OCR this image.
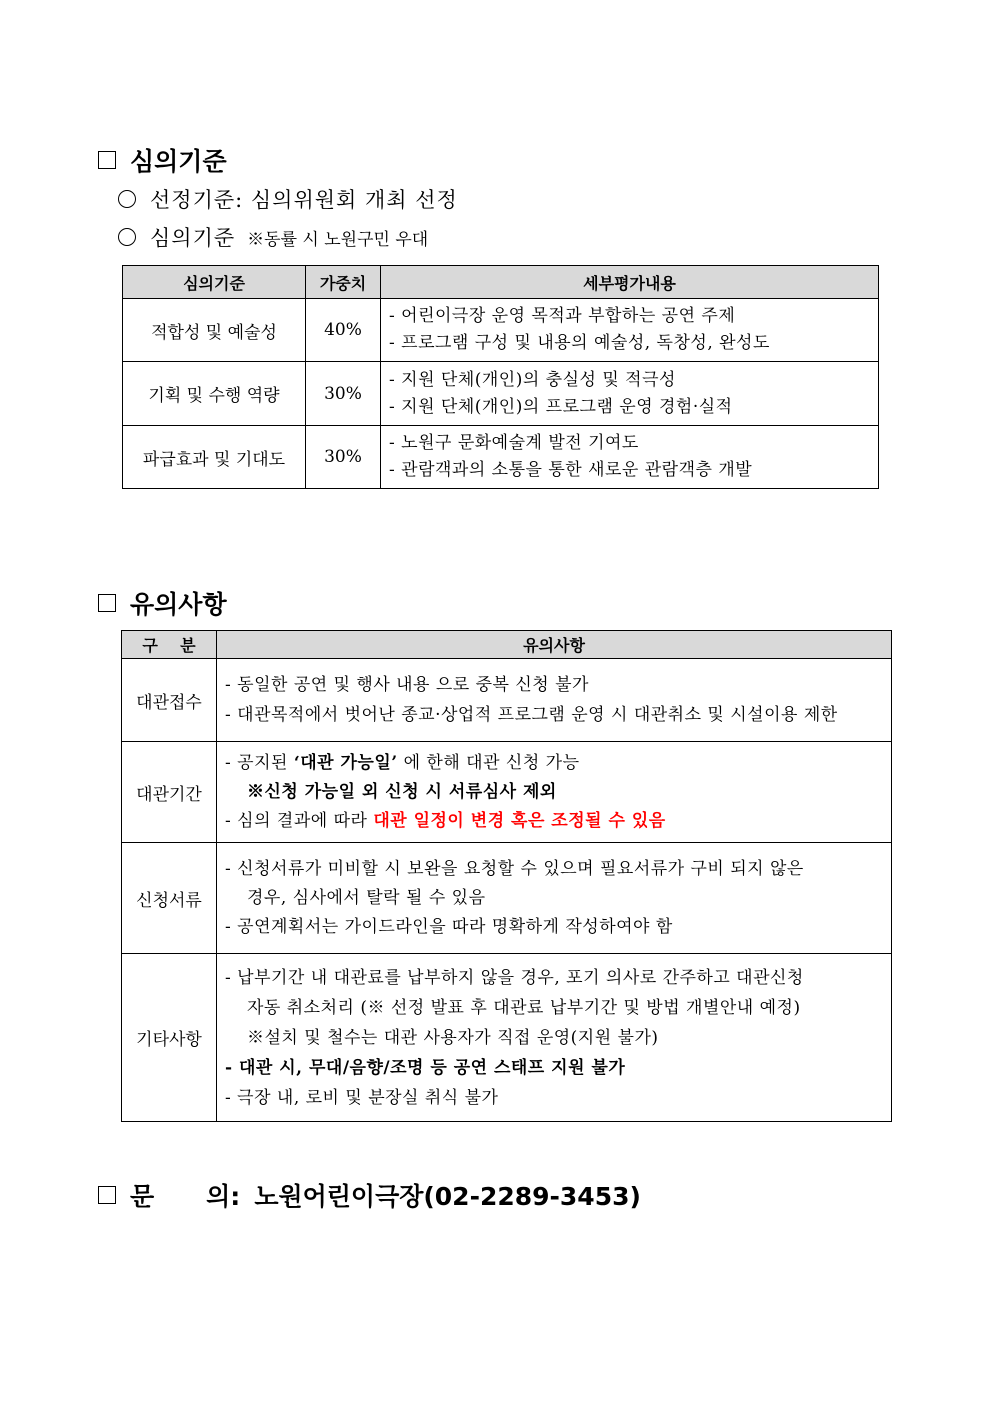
심의기준
선정기준: 심의위원회 개최 선정
심의기준 ※동률 시 노원구민 우대
심의기준	가중치	세부평가내용
적합성 및 예술성	40%	- 어린이극장 운영 목적과 부합하는 공연 주제
- 프로그램 구성 및 내용의 예술성, 독창성, 완성도

기획 및 수행 역량	30%	- 지원 단체(개인)의 충실성 및 적극성
- 지원 단체(개인)의 프로그램 운영 경험·실적

파급효과 및 기대도	30%	- 노원구 문화예술계 발전 기여도
- 관람객과의 소통을 통한 새로운 관람객층 개발
유의사항
구    분	유의사항
대관접수	- 동일한 공연 및 행사 내용 으로 중복 신청 불가
- 대관목적에서 벗어난 종교·상업적 프로그램 운영 시 대관취소 및 시설이용 제한

대관기간	- 공지된 ‘대관 가능일’ 에 한해 대관 신청 가능
※신청 가능일 외 신청 시 서류심사 제외
- 심의 결과에 따라 대관 일정이 변경 혹은 조정될 수 있음

신청서류	- 신청서류가 미비할 시 보완을 요청할 수 있으며 필요서류가 구비 되지 않은
경우, 심사에서 탈락 될 수 있음
- 공연계획서는 가이드라인을 따라 명확하게 작성하여야 함

기타사항	- 납부기간 내 대관료를 납부하지 않을 경우, 포기 의사로 간주하고 대관신청
자동 취소처리 (※ 선정 발표 후 대관료 납부기간 및 방법 개별안내 예정)
※설치 및 철수는 대관 사용자가 직접 운영(지원 불가)
- 대관 시, 무대/음향/조명 등 공연 스태프 지원 불가
- 극장 내, 로비 및 분장실 취식 불가
문 의: 노원어린이극장(02-2289-3453)
